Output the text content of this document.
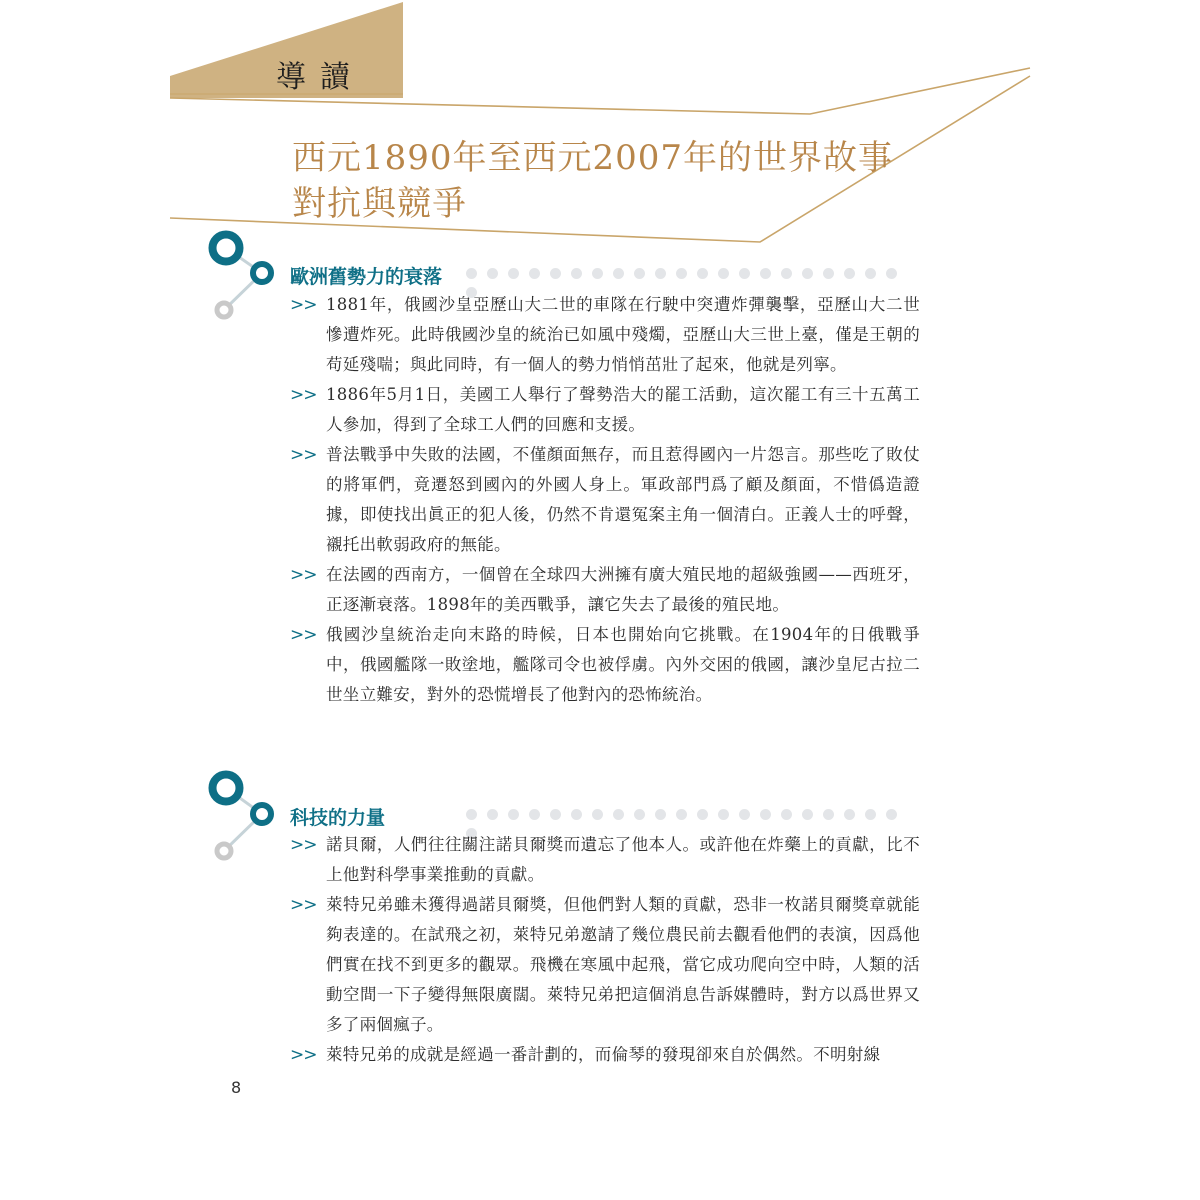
導讀
西元1890年至西元2007年的世界故事
對抗與競爭
歐洲舊勢力的衰落
>> 1881年，俄國沙皇亞歷山大二世的車隊在行駛中突遭炸彈襲擊，亞歷山大二世慘遭炸死。此時俄國沙皇的統治已如風中殘燭，亞歷山大三世上臺，僅是王朝的苟延殘喘；與此同時，有一個人的勢力悄悄茁壯了起來，他就是列寧。
>> 1886年5月1日，美國工人舉行了聲勢浩大的罷工活動，這次罷工有三十五萬工人參加，得到了全球工人們的回應和支援。
>> 普法戰爭中失敗的法國，不僅顏面無存，而且惹得國內一片怨言。那些吃了敗仗的將軍們，竟遷怒到國內的外國人身上。軍政部門爲了顧及顏面，不惜僞造證據，即使找出眞正的犯人後，仍然不肯還冤案主角一個清白。正義人士的呼聲，襯托出軟弱政府的無能。
>> 在法國的西南方，一個曾在全球四大洲擁有廣大殖民地的超級強國——西班牙，正逐漸衰落。1898年的美西戰爭，讓它失去了最後的殖民地。
>> 俄國沙皇統治走向末路的時候，日本也開始向它挑戰。在1904年的日俄戰爭中，俄國艦隊一敗塗地，艦隊司令也被俘虜。內外交困的俄國，讓沙皇尼古拉二世坐立難安，對外的恐慌增長了他對內的恐怖統治。
科技的力量
>> 諾貝爾，人們往往關注諾貝爾獎而遺忘了他本人。或許他在炸藥上的貢獻，比不上他對科學事業推動的貢獻。
>> 萊特兄弟雖未獲得過諾貝爾獎，但他們對人類的貢獻，恐非一枚諾貝爾獎章就能夠表達的。在試飛之初，萊特兄弟邀請了幾位農民前去觀看他們的表演，因爲他們實在找不到更多的觀眾。飛機在寒風中起飛，當它成功爬向空中時，人類的活動空間一下子變得無限廣闊。萊特兄弟把這個消息告訴媒體時，對方以爲世界又多了兩個瘋子。
>> 萊特兄弟的成就是經過一番計劃的，而倫琴的發現卻來自於偶然。不明射線
8
